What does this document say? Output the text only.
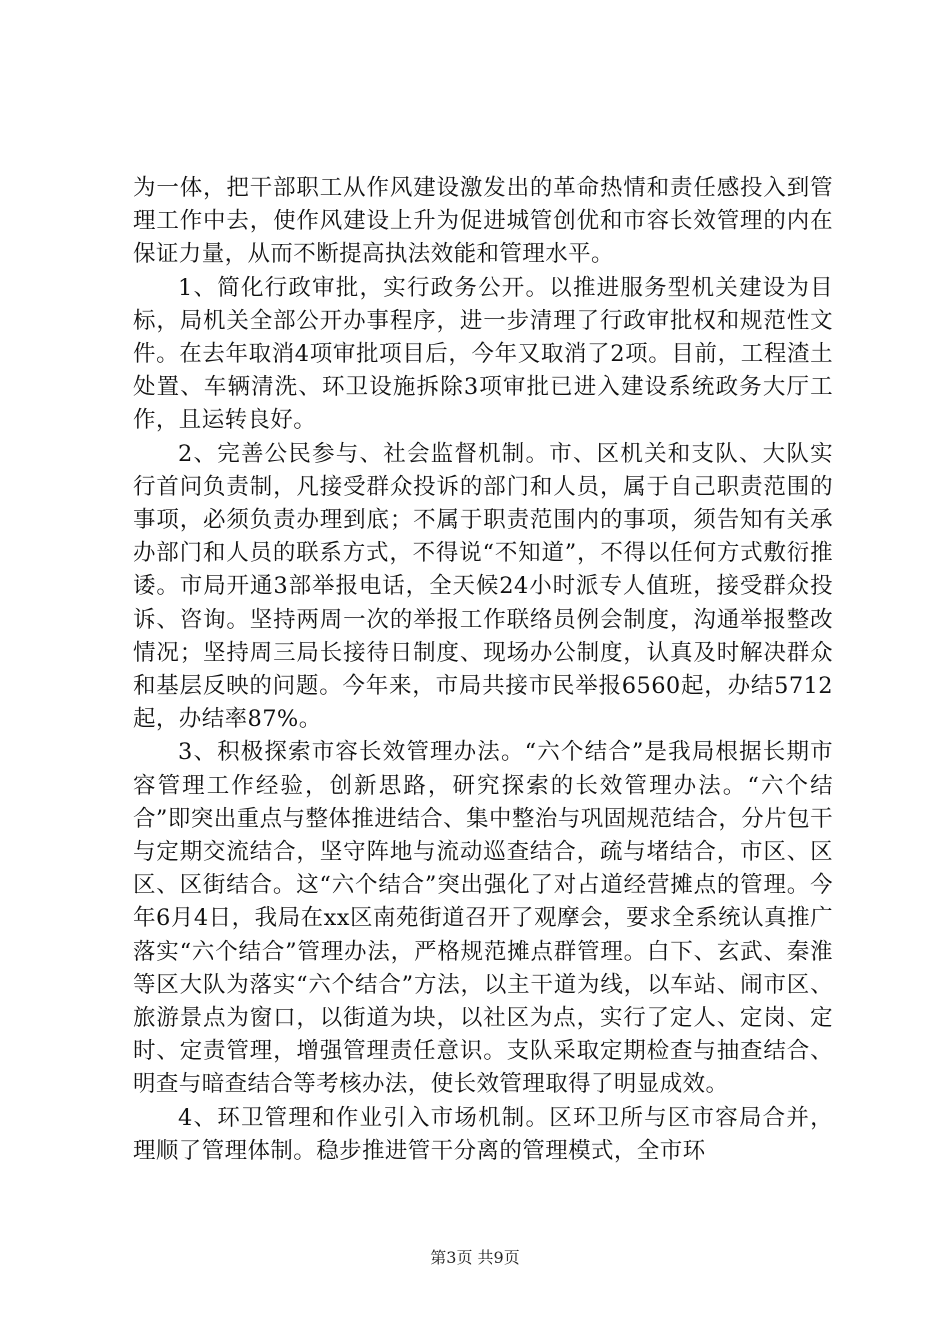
为一体，把干部职工从作风建设激发出的革命热情和责任感投入到管理工作中去，使作风建设上升为促进城管创优和市容长效管理的内在保证力量，从而不断提高执法效能和管理水平。

1、简化行政审批，实行政务公开。以推进服务型机关建设为目标，局机关全部公开办事程序，进一步清理了行政审批权和规范性文件。在去年取消4项审批项目后，今年又取消了2项。目前，工程渣土处置、车辆清洗、环卫设施拆除3项审批已进入建设系统政务大厅工作，且运转良好。

2、完善公民参与、社会监督机制。市、区机关和支队、大队实行首问负责制，凡接受群众投诉的部门和人员，属于自己职责范围的事项，必须负责办理到底；不属于职责范围内的事项，须告知有关承办部门和人员的联系方式，不得说“不知道”，不得以任何方式敷衍推诿。市局开通3部举报电话，全天候24小时派专人值班，接受群众投诉、咨询。坚持两周一次的举报工作联络员例会制度，沟通举报整改情况；坚持周三局长接待日制度、现场办公制度，认真及时解决群众和基层反映的问题。今年来，市局共接市民举报6560起，办结5712起，办结率87%。

3、积极探索市容长效管理办法。“六个结合”是我局根据长期市容管理工作经验，创新思路，研究探索的长效管理办法。“六个结合”即突出重点与整体推进结合、集中整治与巩固规范结合，分片包干与定期交流结合，坚守阵地与流动巡查结合，疏与堵结合，市区、区区、区街结合。这“六个结合”突出强化了对占道经营摊点的管理。今年6月4日，我局在xx区南苑街道召开了观摩会，要求全系统认真推广落实“六个结合”管理办法，严格规范摊点群管理。白下、玄武、秦淮等区大队为落实“六个结合”方法，以主干道为线，以车站、闹市区、旅游景点为窗口，以街道为块，以社区为点，实行了定人、定岗、定时、定责管理，增强管理责任意识。支队采取定期检查与抽查结合、明查与暗查结合等考核办法，使长效管理取得了明显成效。

4、环卫管理和作业引入市场机制。区环卫所与区市容局合并，理顺了管理体制。稳步推进管干分离的管理模式，全市环

第3页 共9页
